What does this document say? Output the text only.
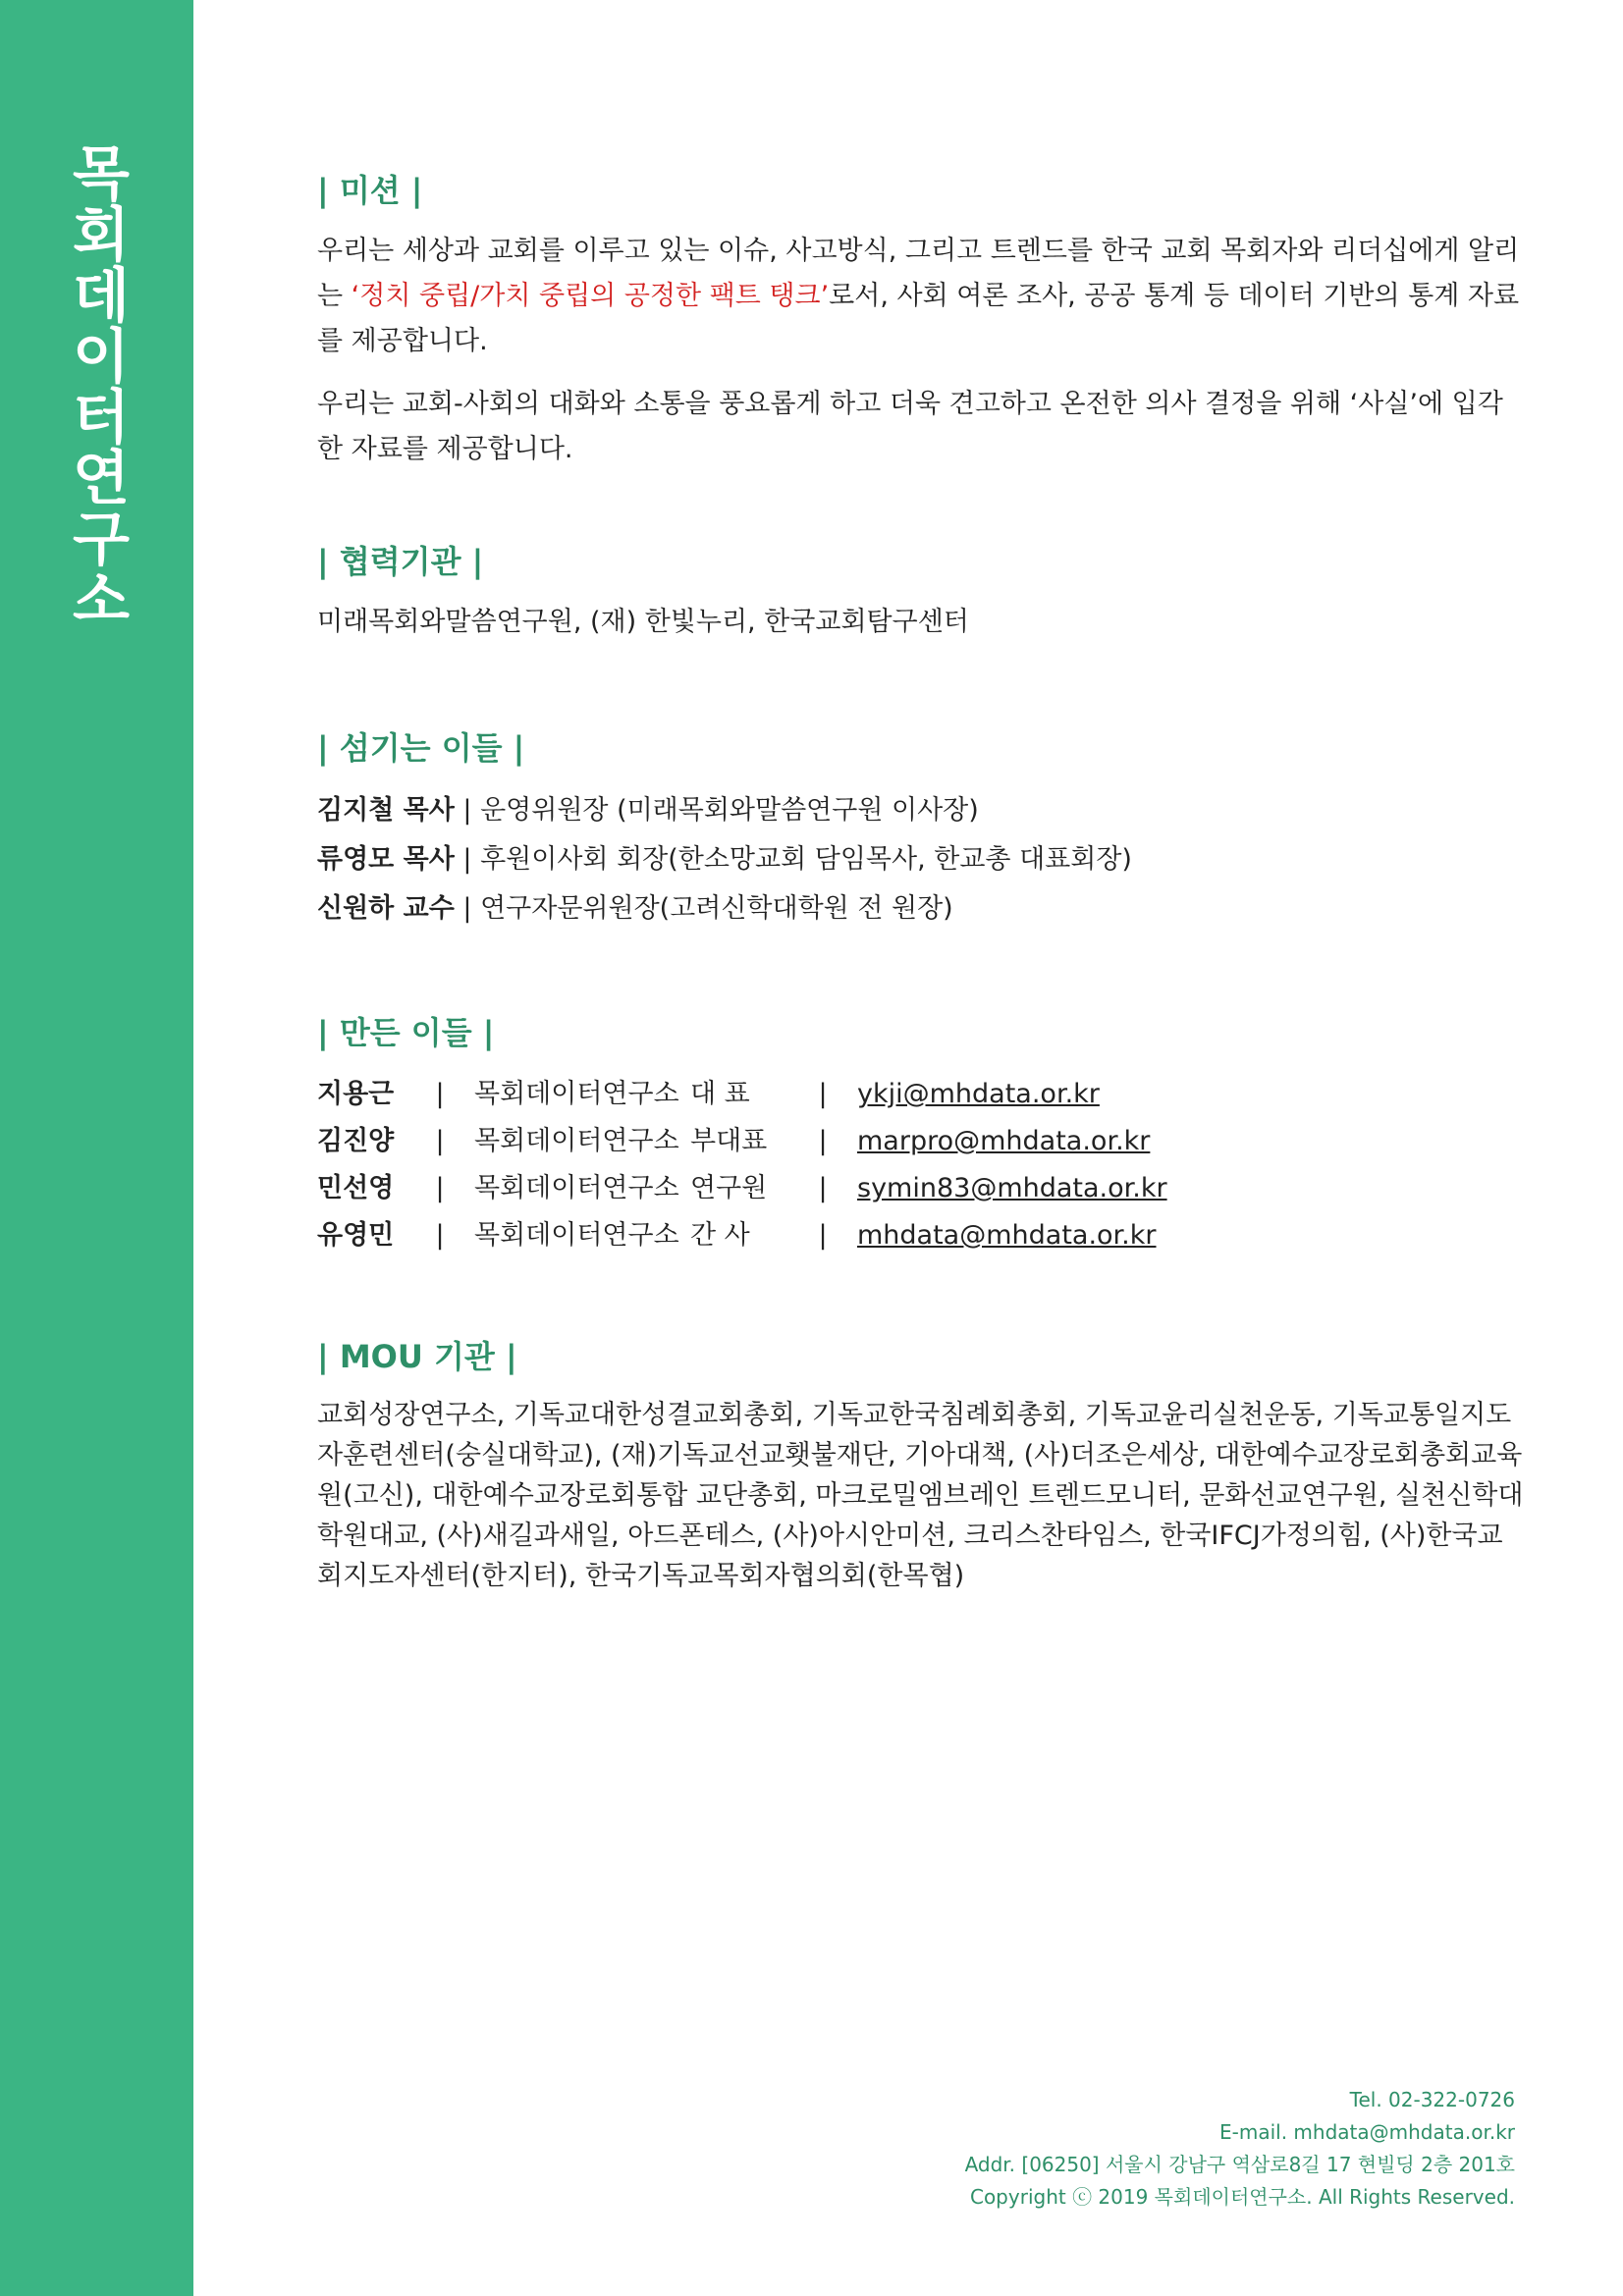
목회데이터연구소	| 미션 |

우리는 세상과 교회를 이루고 있는 이슈, 사고방식, 그리고 트렌드를 한국 교회 목회자와 리더십에게 알리는 ‘정치 중립/가치 중립의 공정한 팩트 탱크’로서, 사회 여론 조사, 공공 통계 등 데이터 기반의 통계 자료를 제공합니다.

우리는 교회-사회의 대화와 소통을 풍요롭게 하고 더욱 견고하고 온전한 의사 결정을 위해 ‘사실’에 입각한 자료를 제공합니다.

| 협력기관 |

미래목회와말씀연구원, (재) 한빛누리, 한국교회탐구센터

| 섬기는 이들 |
김지철 목사 | 운영위원장 (미래목회와말씀연구원 이사장)
류영모 목사 | 후원이사회 회장(한소망교회 담임목사, 한교총 대표회장)
신원하 교수 | 연구자문위원장(고려신학대학원 전 원장)
| 만든 이들 |
지용근	|	목회데이터연구소 대 표	|	ykji@mhdata.or.kr
김진양	|	목회데이터연구소 부대표	|	marpro@mhdata.or.kr
민선영	|	목회데이터연구소 연구원	|	symin83@mhdata.or.kr
유영민	|	목회데이터연구소 간 사	|	mhdata@mhdata.or.kr
| MOU 기관 |

교회성장연구소, 기독교대한성결교회총회, 기독교한국침례회총회, 기독교윤리실천운동, 기독교통일지도자훈련센터(숭실대학교), (재)기독교선교횃불재단, 기아대책, (사)더조은세상, 대한예수교장로회총회교육원(고신), 대한예수교장로회통합 교단총회, 마크로밀엠브레인 트렌드모니터, 문화선교연구원, 실천신학대학원대교, (사)새길과새일, 아드폰테스, (사)아시안미션, 크리스찬타임스, 한국IFCJ가정의힘, (사)한국교회지도자센터(한지터), 한국기독교목회자협의회(한목협)

Tel. 02-322-0726
E-mail. mhdata@mhdata.or.kr
Addr. [06250] 서울시 강남구 역삼로8길 17 현빌딩 2층 201호
Copyright ⓒ 2019 목회데이터연구소. All Rights Reserved.
